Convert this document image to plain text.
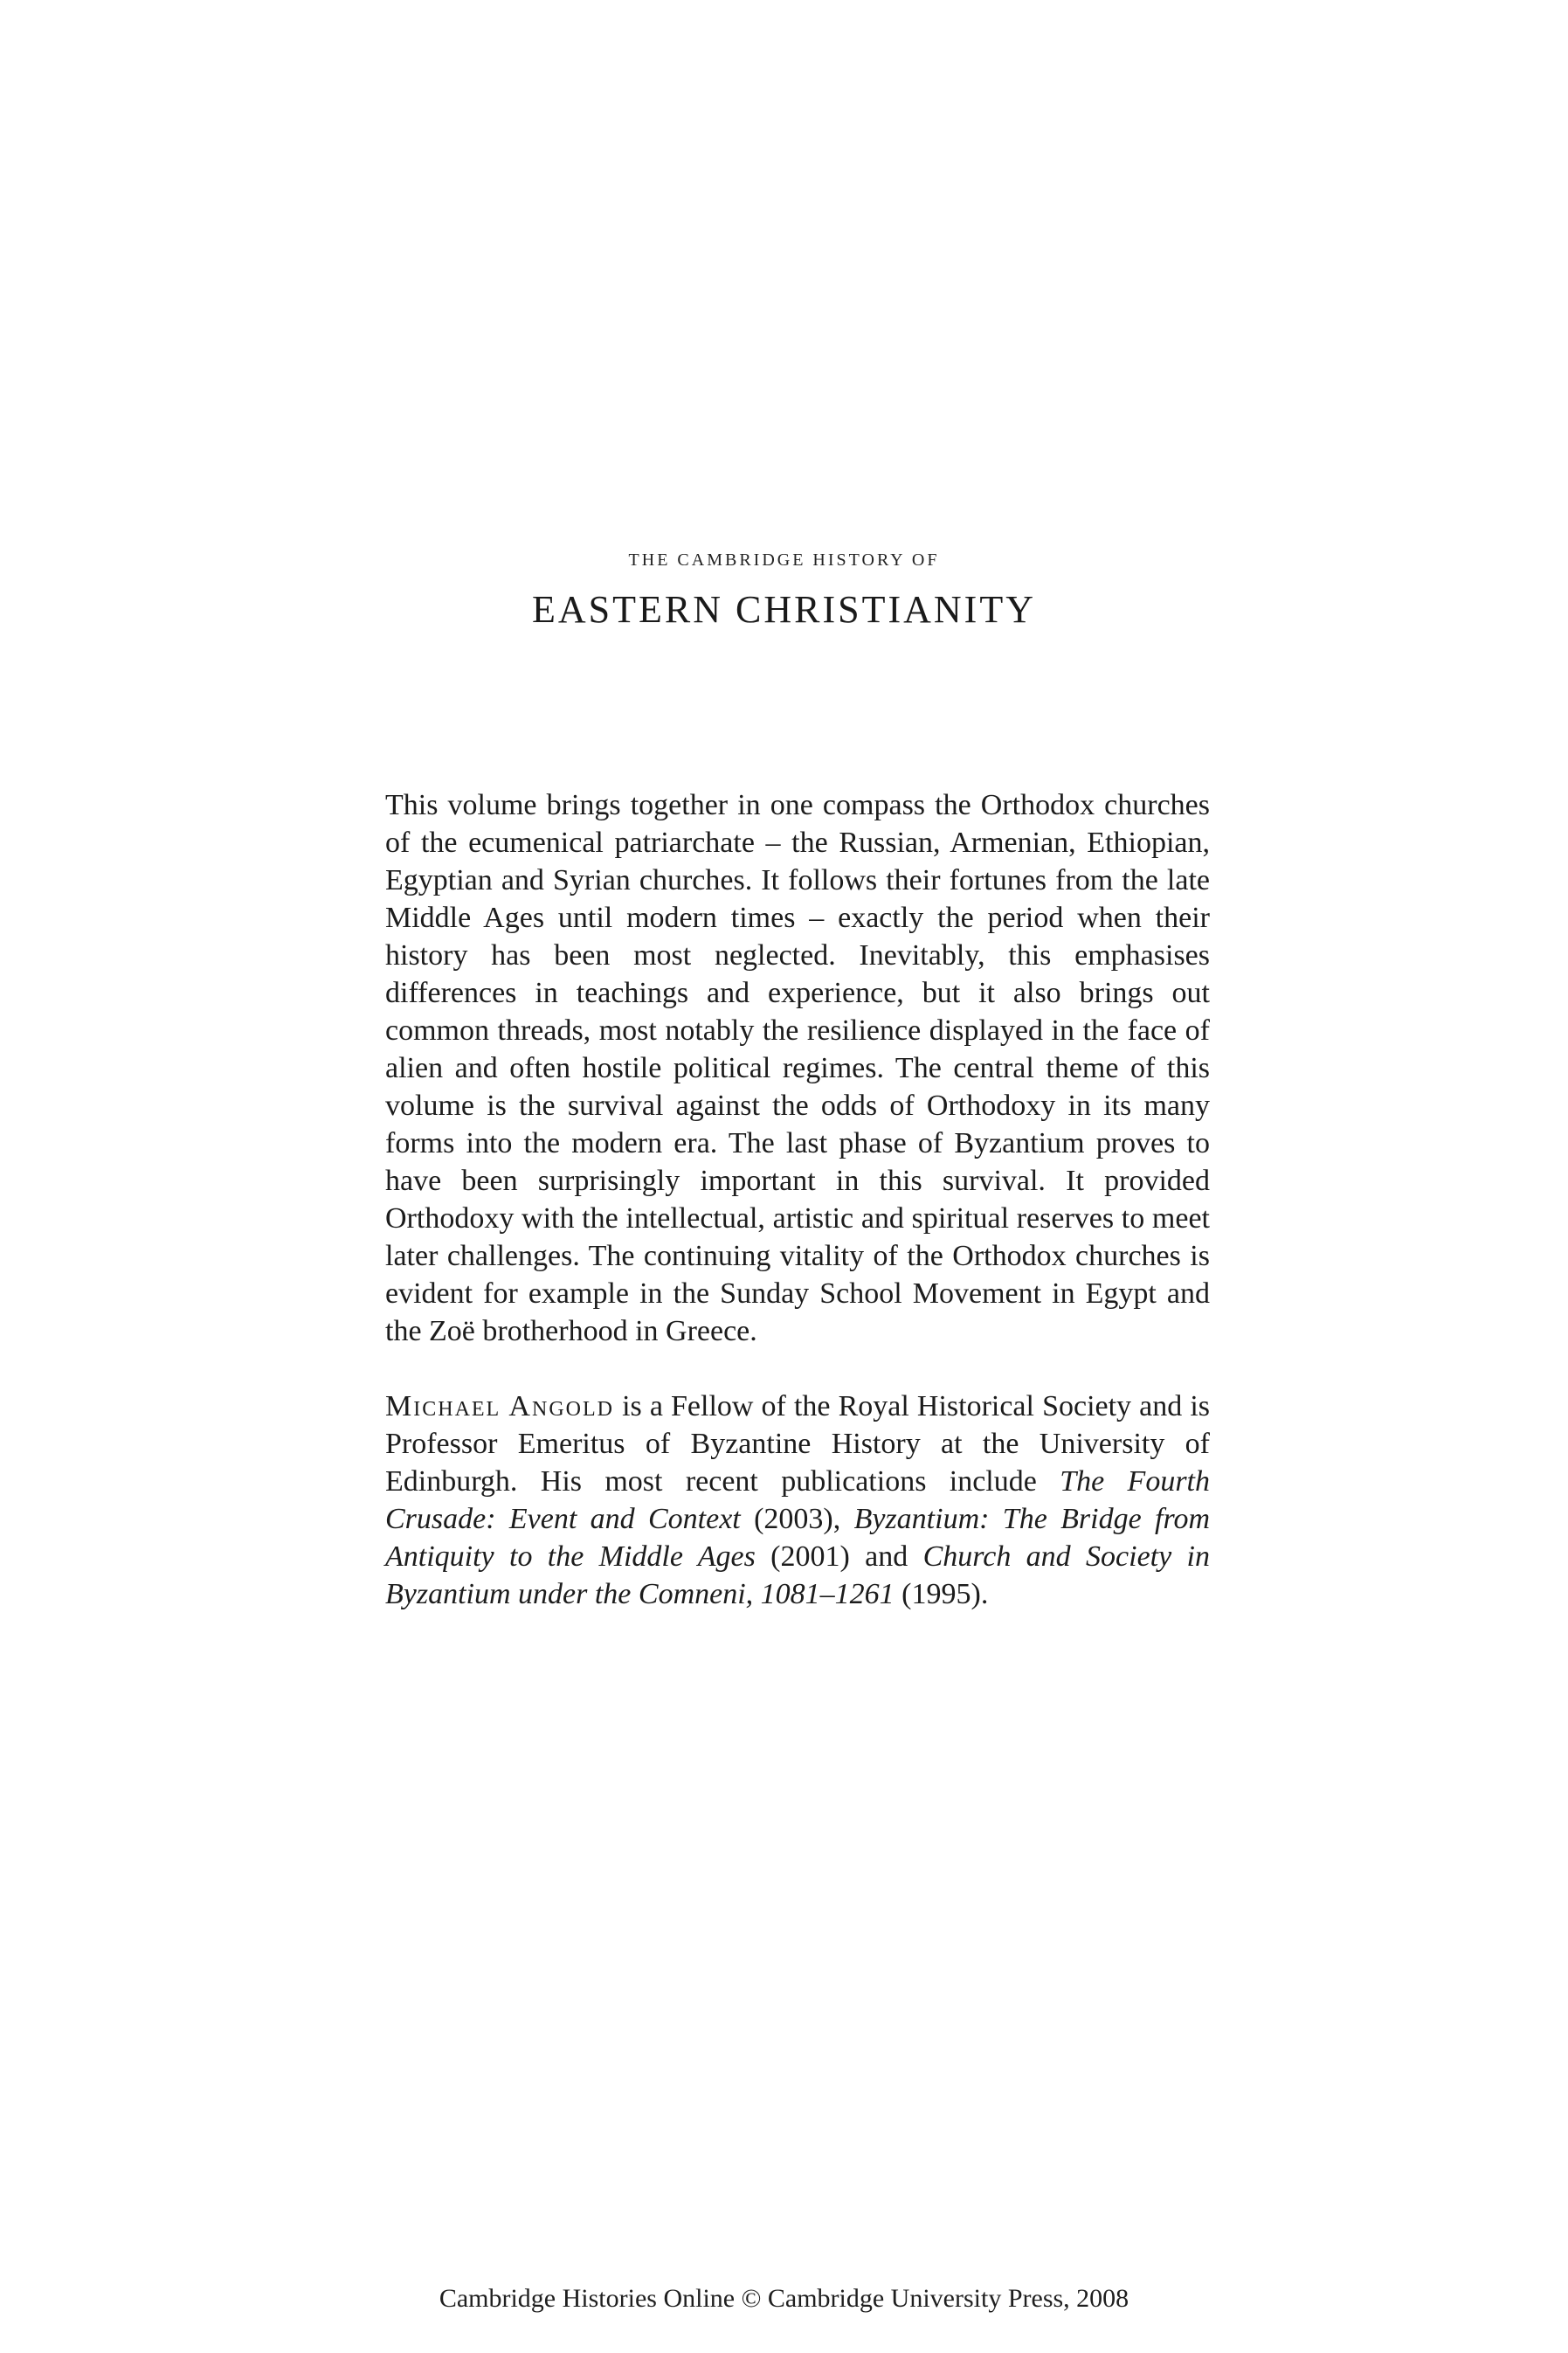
THE CAMBRIDGE HISTORY OF
EASTERN CHRISTIANITY

This volume brings together in one compass the Orthodox churches of the ecumenical patriarchate – the Russian, Armenian, Ethiopian, Egyptian and Syrian churches. It follows their fortunes from the late Middle Ages until modern times – exactly the period when their history has been most neglected. Inevitably, this emphasises differences in teachings and experience, but it also brings out common threads, most notably the resilience displayed in the face of alien and often hostile political regimes. The central theme of this volume is the survival against the odds of Orthodoxy in its many forms into the modern era. The last phase of Byzantium proves to have been surprisingly important in this survival. It provided Orthodoxy with the intellectual, artistic and spiritual reserves to meet later challenges. The continuing vitality of the Orthodox churches is evident for example in the Sunday School Movement in Egypt and the Zoë brotherhood in Greece.

Michael Angold is a Fellow of the Royal Historical Society and is Professor Emeritus of Byzantine History at the University of Edinburgh. His most recent publications include The Fourth Crusade: Event and Context (2003), Byzantium: The Bridge from Antiquity to the Middle Ages (2001) and Church and Society in Byzantium under the Comneni, 1081–1261 (1995).

Cambridge Histories Online © Cambridge University Press, 2008
